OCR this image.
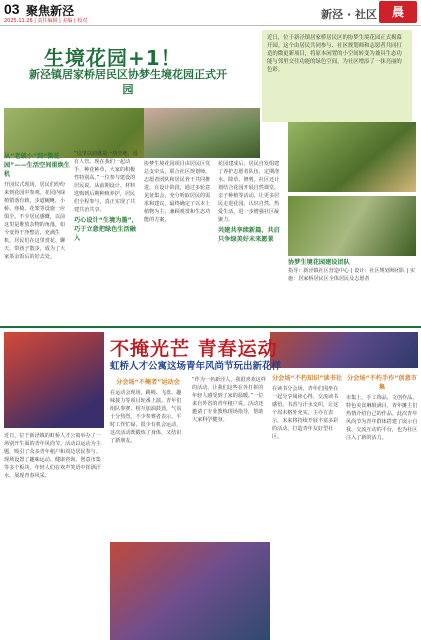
03 聚焦新泾
2025.11.26 | 责任编辑 | 美编 | 校对	新泾 · 社区	晨
生境花园+1！
新泾镇居家桥居民区协梦生境花园正式开园
近日，位于新泾镇居家桥居民区的协梦生境花园正式揭幕开园。这个由居民共同参与、社区规划师和志愿者共同打造的微更新项目，将原本闲置的小空间转变为兼具生态功能与邻里交往功能的绿色空间，为社区增添了一抹亮丽的色彩。
从“老破小”到“微花园”——生活空间重焕生机
开园仪式现场，居民们纷纷来到花园中参观。花园内绿植错落有致，步道蜿蜒，小桥、座椅、花架等设施一应俱全。不少居民感慨，以前这里是堆放杂物的角落，如今变得干净整洁、充满生机。居民们在这里赏花、聊天、带孩子散步，成为了大家茶余饭后的好去处。
“这里以前就是一块空地，没有人管。现在我们一起动手，种花种草，大家的积极性特别高。”一位参与建设的居民说。从前期设计、材料选购到后期种植养护，居民们全程参与，真正实现了共建共治共享。
巧心设计“生境为墨”，巧于立意把绿色生活融入
协梦生境花园项目由居民区党总支牵头，联合社区规划师、志愿者团队和居民骨干共同推进。在设计阶段，通过多轮意见征集会，充分听取居民的需求和建议，最终确定了以本土植物为主、兼顾观赏和生态功能的方案。
花园建成后，居民自发组建了养护志愿者队伍，定期浇水、除草、修剪。社区还计划结合花园开展自然课堂、亲子种植等活动，让更多居民走进花园、认识自然、热爱生活，进一步增强社区凝聚力。
共建共享续新篇，共启只争绿美好未来愿景
协梦生境花园建设团队
指导：新泾镇社区营造中心 | 设计：社区规划师团队 | 实施：居家桥居民区全体居民及志愿者
不掩光芒 青春运动
虹桥人才公寓这场青年风尚节玩出新花样
近日，位于新泾镇的虹桥人才公寓举办了一场别开生面的青年风尚节。活动以运动为主题，吸引了众多青年租户和周边居民参与。现场设置了趣味运动、健康咨询、创意市集等多个板块，年轻人们在欢声笑语中挥洒汗水，展现青春风采。
分会场“不掩者”运动会
在运动会现场，跳绳、飞盘、趣味接力等项目轮番上演。青年们组队参赛，相互加油鼓劲，气氛十分热烈。不少参赛者表示，平时工作忙碌，很少有机会运动，这次活动既锻炼了身体，又结识了新朋友。
“作为一名新泾人，我很喜欢这样的活动，让我们这些在外打拼的年轻人感受到了家的温暖。”一位来自外省的青年租户说。活动还邀请了专业教练现场指导，帮助大家科学健身。
分会场“不朽知识”读书社
在读书分会场，青年们围坐在一起分享阅读心得，交流读书感悟。书香与汗水交织，让这个周末格外充实。主办方表示，未来将持续开展丰富多彩的活动，打造青年友好型社区。
分会场“不朽手作”创意市集
市集上，手工饰品、文创作品、特色美食琳琅满目，青年摊主们热情介绍自己的作品。此次青年风尚节为青年群体搭建了展示自我、交流互动的平台，也为社区注入了新的活力。
